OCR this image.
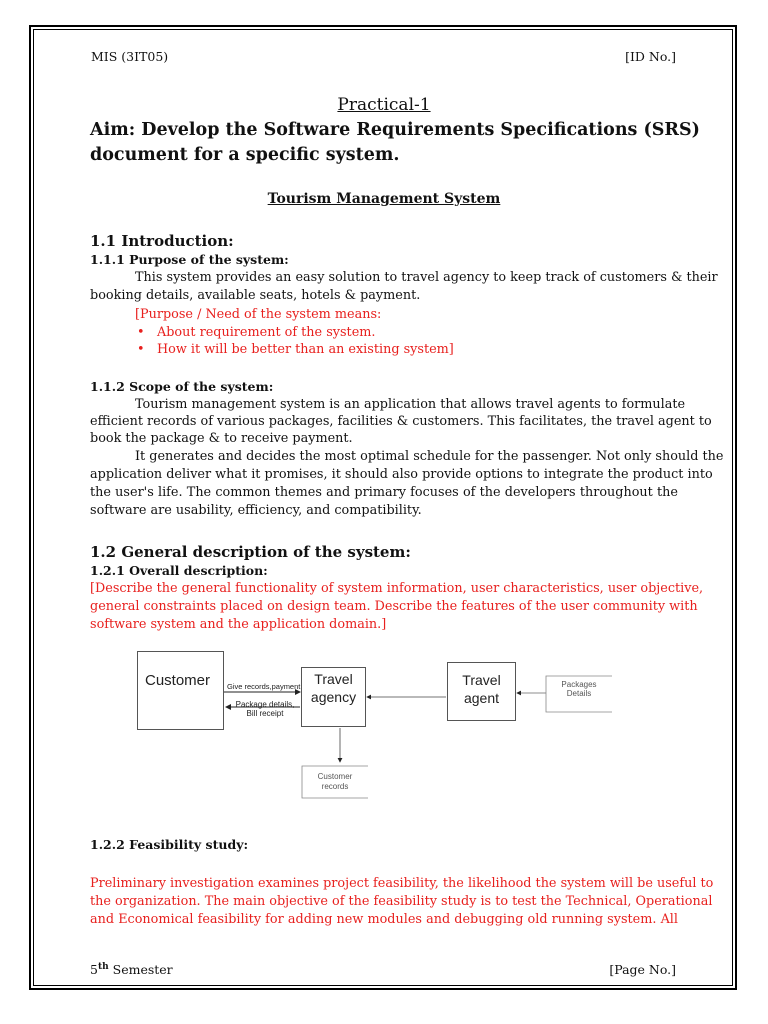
MIS (3IT05)	[ID No.]
Practical-1
Aim: Develop the Software Requirements Specifications (SRS)
document for a specific system.
Tourism Management System
1.1 Introduction:
1.1.1 Purpose of the system:
This system provides an easy solution to travel agency to keep track of customers & their
booking details, available seats, hotels & payment.
[Purpose / Need of the system means:
• About requirement of the system.
• How it will be better than an existing system]
1.1.2 Scope of the system:
Tourism management system is an application that allows travel agents to formulate
efficient records of various packages, facilities & customers. This facilitates, the travel agent to
book the package & to receive payment.
It generates and decides the most optimal schedule for the passenger. Not only should the
application deliver what it promises, it should also provide options to integrate the product into
the user's life. The common themes and primary focuses of the developers throughout the
software are usability, efficiency, and compatibility.
1.2 General description of the system:
1.2.1 Overall description:
[Describe the general functionality of system information, user characteristics, user objective,
general constraints placed on design team. Describe the features of the user community with
software system and the application domain.]
Customer	Travel
agency
Travel
agent
Give records,payment
Package details,
Bill receipt
Packages
Details
Customer
records
1.2.2 Feasibility study:
Preliminary investigation examines project feasibility, the likelihood the system will be useful to
the organization. The main objective of the feasibility study is to test the Technical, Operational
and Economical feasibility for adding new modules and debugging old running system. All
5th Semester	[Page No.]
